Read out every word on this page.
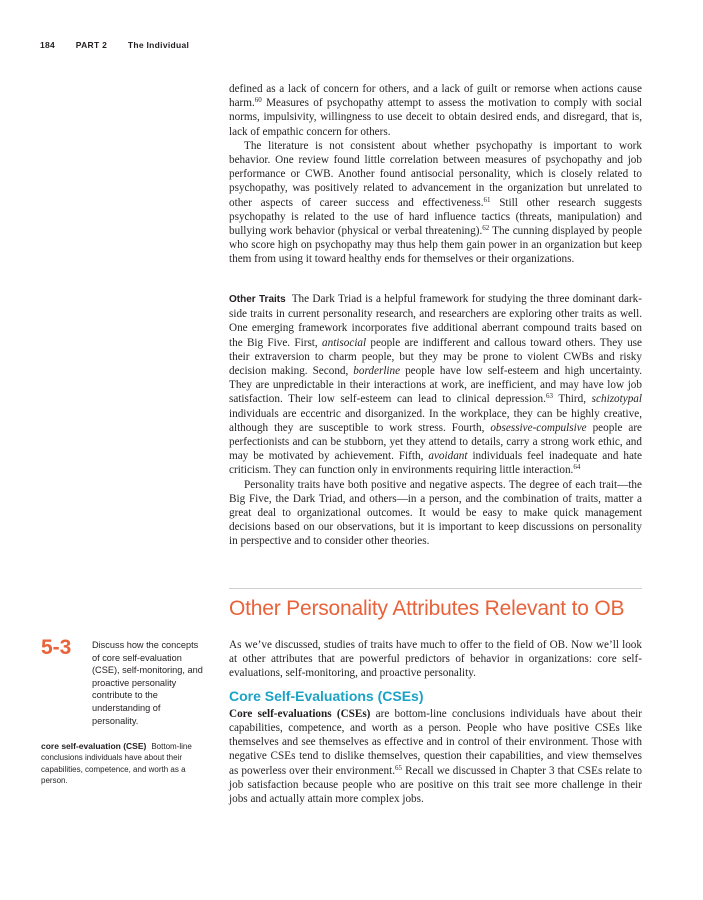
184 PART 2 The Individual

defined as a lack of concern for others, and a lack of guilt or remorse when actions cause harm.$^{60}$ Measures of psychopathy attempt to assess the motivation to comply with social norms, impulsivity, willingness to use deceit to obtain desired ends, and disregard, that is, lack of empathic concern for others.

The literature is not consistent about whether psychopathy is important to work behavior. One review found little correlation between measures of psychopathy and job performance or CWB. Another found antisocial personality, which is closely related to psychopathy, was positively related to advancement in the organization but unrelated to other aspects of career success and effectiveness.$^{61}$ Still other research suggests psychopathy is related to the use of hard influence tactics (threats, manipulation) and bullying work behavior (physical or verbal threatening).$^{62}$ The cunning displayed by people who score high on psychopathy may thus help them gain power in an organization but keep them from using it toward healthy ends for themselves or their organizations.

Other Traits The Dark Triad is a helpful framework for studying the three dominant dark-side traits in current personality research, and researchers are exploring other traits as well. One emerging framework incorporates five additional aberrant compound traits based on the Big Five. First, antisocial people are indifferent and callous toward others. They use their extraversion to charm people, but they may be prone to violent CWBs and risky decision making. Second, borderline people have low self-esteem and high uncertainty. They are unpredictable in their interactions at work, are inefficient, and may have low job satisfaction. Their low self-esteem can lead to clinical depression.$^{63}$ Third, schizotypal individuals are eccentric and disorganized. In the workplace, they can be highly creative, although they are susceptible to work stress. Fourth, obsessive-compulsive people are perfectionists and can be stubborn, yet they attend to details, carry a strong work ethic, and may be motivated by achievement. Fifth, avoidant individuals feel inadequate and hate criticism. They can function only in environments requiring little interaction.$^{64}$

Personality traits have both positive and negative aspects. The degree of each trait—the Big Five, the Dark Triad, and others—in a person, and the combination of traits, matter a great deal to organizational outcomes. It would be easy to make quick management decisions based on our observations, but it is important to keep discussions on personality in perspective and to consider other theories.

Other Personality Attributes Relevant to OB

As we’ve discussed, studies of traits have much to offer to the field of OB. Now we’ll look at other attributes that are powerful predictors of behavior in organizations: core self-evaluations, self-monitoring, and proactive personality.

Core Self-Evaluations (CSEs)

Core self-evaluations (CSEs) are bottom-line conclusions individuals have about their capabilities, competence, and worth as a person. People who have positive CSEs like themselves and see themselves as effective and in control of their environment. Those with negative CSEs tend to dislike themselves, question their capabilities, and view themselves as powerless over their environment.$^{65}$ Recall we discussed in Chapter 3 that CSEs relate to job satisfaction because people who are positive on this trait see more challenge in their jobs and actually attain more complex jobs.

5-3 Discuss how the concepts of core self-evaluation (CSE), self-monitoring, and proactive personality contribute to the understanding of personality.
core self-evaluation (CSE) Bottom-line conclusions individuals have about their capabilities, competence, and worth as a person.
